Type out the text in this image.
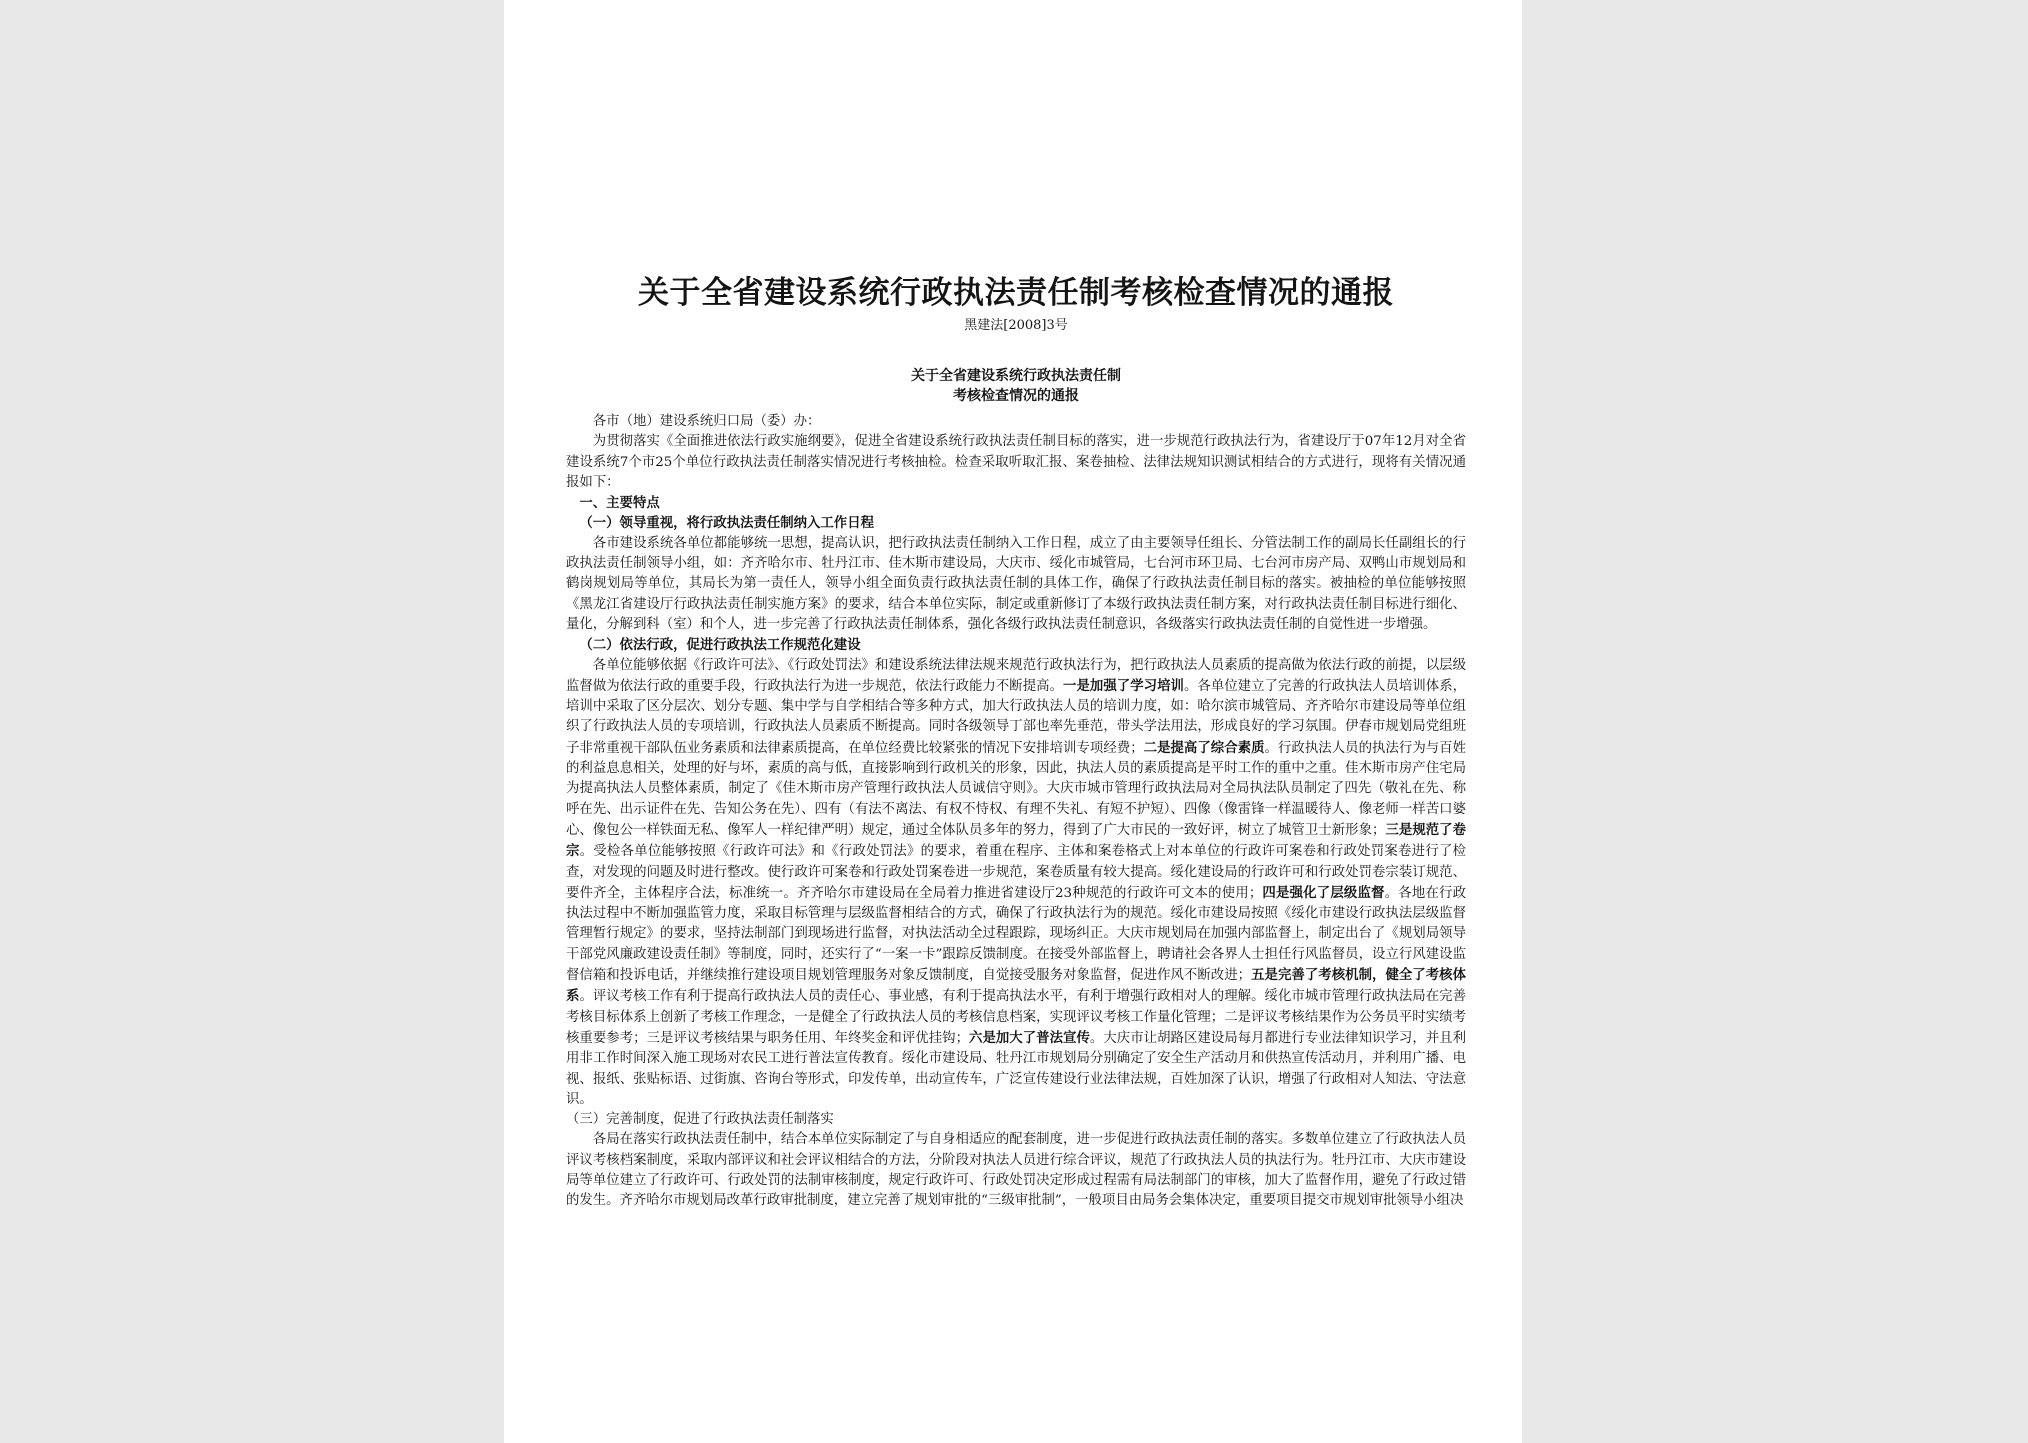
关于全省建设系统行政执法责任制考核检查情况的通报
黑建法[2008]3号
关于全省建设系统行政执法责任制
考核检查情况的通报

各市（地）建设系统归口局（委）办：

为贯彻落实《全面推进依法行政实施纲要》，促进全省建设系统行政执法责任制目标的落实，进一步规范行政执法行为，省建设厅于07年12月对全省建设系统7个市25个单位行政执法责任制落实情况进行考核抽检。检查采取听取汇报、案卷抽检、法律法规知识测试相结合的方式进行，现将有关情况通报如下：

一、主要特点

（一）领导重视，将行政执法责任制纳入工作日程

各市建设系统各单位都能够统一思想，提高认识，把行政执法责任制纳入工作日程，成立了由主要领导任组长、分管法制工作的副局长任副组长的行政执法责任制领导小组，如：齐齐哈尔市、牡丹江市、佳木斯市建设局，大庆市、绥化市城管局，七台河市环卫局、七台河市房产局、双鸭山市规划局和鹤岗规划局等单位，其局长为第一责任人，领导小组全面负责行政执法责任制的具体工作，确保了行政执法责任制目标的落实。被抽检的单位能够按照《黑龙江省建设厅行政执法责任制实施方案》的要求，结合本单位实际，制定或重新修订了本级行政执法责任制方案，对行政执法责任制目标进行细化、量化，分解到科（室）和个人，进一步完善了行政执法责任制体系，强化各级行政执法责任制意识，各级落实行政执法责任制的自觉性进一步增强。

（二）依法行政，促进行政执法工作规范化建设

各单位能够依据《行政许可法》、《行政处罚法》和建设系统法律法规来规范行政执法行为，把行政执法人员素质的提高做为依法行政的前提，以层级监督做为依法行政的重要手段，行政执法行为进一步规范，依法行政能力不断提高。一是加强了学习培训。各单位建立了完善的行政执法人员培训体系，培训中采取了区分层次、划分专题、集中学与自学相结合等多种方式，加大行政执法人员的培训力度，如：哈尔滨市城管局、齐齐哈尔市建设局等单位组织了行政执法人员的专项培训，行政执法人员素质不断提高。同时各级领导丁部也率先垂范，带头学法用法，形成良好的学习氛围。伊春市规划局党组班子非常重视干部队伍业务素质和法律素质提高，在单位经费比较紧张的情况下安排培训专项经费；二是提高了综合素质。行政执法人员的执法行为与百姓的利益息息相关，处理的好与坏，素质的高与低，直接影响到行政机关的形象，因此，执法人员的素质提高是平时工作的重中之重。佳木斯市房产住宅局为提高执法人员整体素质，制定了《佳木斯市房产管理行政执法人员诚信守则》。大庆市城市管理行政执法局对全局执法队员制定了四先（敬礼在先、称呼在先、出示证件在先、告知公务在先）、四有（有法不离法、有权不恃权、有理不失礼、有短不护短）、四像（像雷锋一样温暖待人、像老师一样苦口婆心、像包公一样铁面无私、像军人一样纪律严明）规定，通过全体队员多年的努力，得到了广大市民的一致好评，树立了城管卫士新形象；三是规范了卷宗。受检各单位能够按照《行政许可法》和《行政处罚法》的要求，着重在程序、主体和案卷格式上对本单位的行政许可案卷和行政处罚案卷进行了检查，对发现的问题及时进行整改。使行政许可案卷和行政处罚案卷进一步规范，案卷质量有较大提高。绥化建设局的行政许可和行政处罚卷宗装订规范、要件齐全，主体程序合法，标准统一。齐齐哈尔市建设局在全局着力推进省建设厅23种规范的行政许可文本的使用；四是强化了层级监督。各地在行政执法过程中不断加强监管力度，采取目标管理与层级监督相结合的方式，确保了行政执法行为的规范。绥化市建设局按照《绥化市建设行政执法层级监督管理暂行规定》的要求，坚持法制部门到现场进行监督，对执法活动全过程跟踪，现场纠正。大庆市规划局在加强内部监督上，制定出台了《规划局领导干部党风廉政建设责任制》等制度，同时，还实行了“一案一卡”跟踪反馈制度。在接受外部监督上，聘请社会各界人士担任行风监督员，设立行风建设监督信箱和投诉电话，并继续推行建设项目规划管理服务对象反馈制度，自觉接受服务对象监督，促进作风不断改进；五是完善了考核机制，健全了考核体系。评议考核工作有利于提高行政执法人员的责任心、事业感，有利于提高执法水平，有利于增强行政相对人的理解。绥化市城市管理行政执法局在完善考核目标体系上创新了考核工作理念，一是健全了行政执法人员的考核信息档案，实现评议考核工作量化管理；二是评议考核结果作为公务员平时实绩考核重要参考；三是评议考核结果与职务任用、年终奖金和评优挂钩；六是加大了普法宣传。大庆市让胡路区建设局每月都进行专业法律知识学习，并且利用非工作时间深入施工现场对农民工进行普法宣传教育。绥化市建设局、牡丹江市规划局分别确定了安全生产活动月和供热宣传活动月，并利用广播、电视、报纸、张贴标语、过街旗、咨询台等形式，印发传单，出动宣传车，广泛宣传建设行业法律法规，百姓加深了认识，增强了行政相对人知法、守法意识。

（三）完善制度，促进了行政执法责任制落实

各局在落实行政执法责任制中，结合本单位实际制定了与自身相适应的配套制度，进一步促进行政执法责任制的落实。多数单位建立了行政执法人员评议考核档案制度，采取内部评议和社会评议相结合的方法，分阶段对执法人员进行综合评议，规范了行政执法人员的执法行为。牡丹江市、大庆市建设局等单位建立了行政许可、行政处罚的法制审核制度，规定行政许可、行政处罚决定形成过程需有局法制部门的审核，加大了监督作用，避免了行政过错的发生。齐齐哈尔市规划局改革行政审批制度，建立完善了规划审批的“三级审批制”，一般项目由局务会集体决定，重要项目提交市规划审批领导小组决
